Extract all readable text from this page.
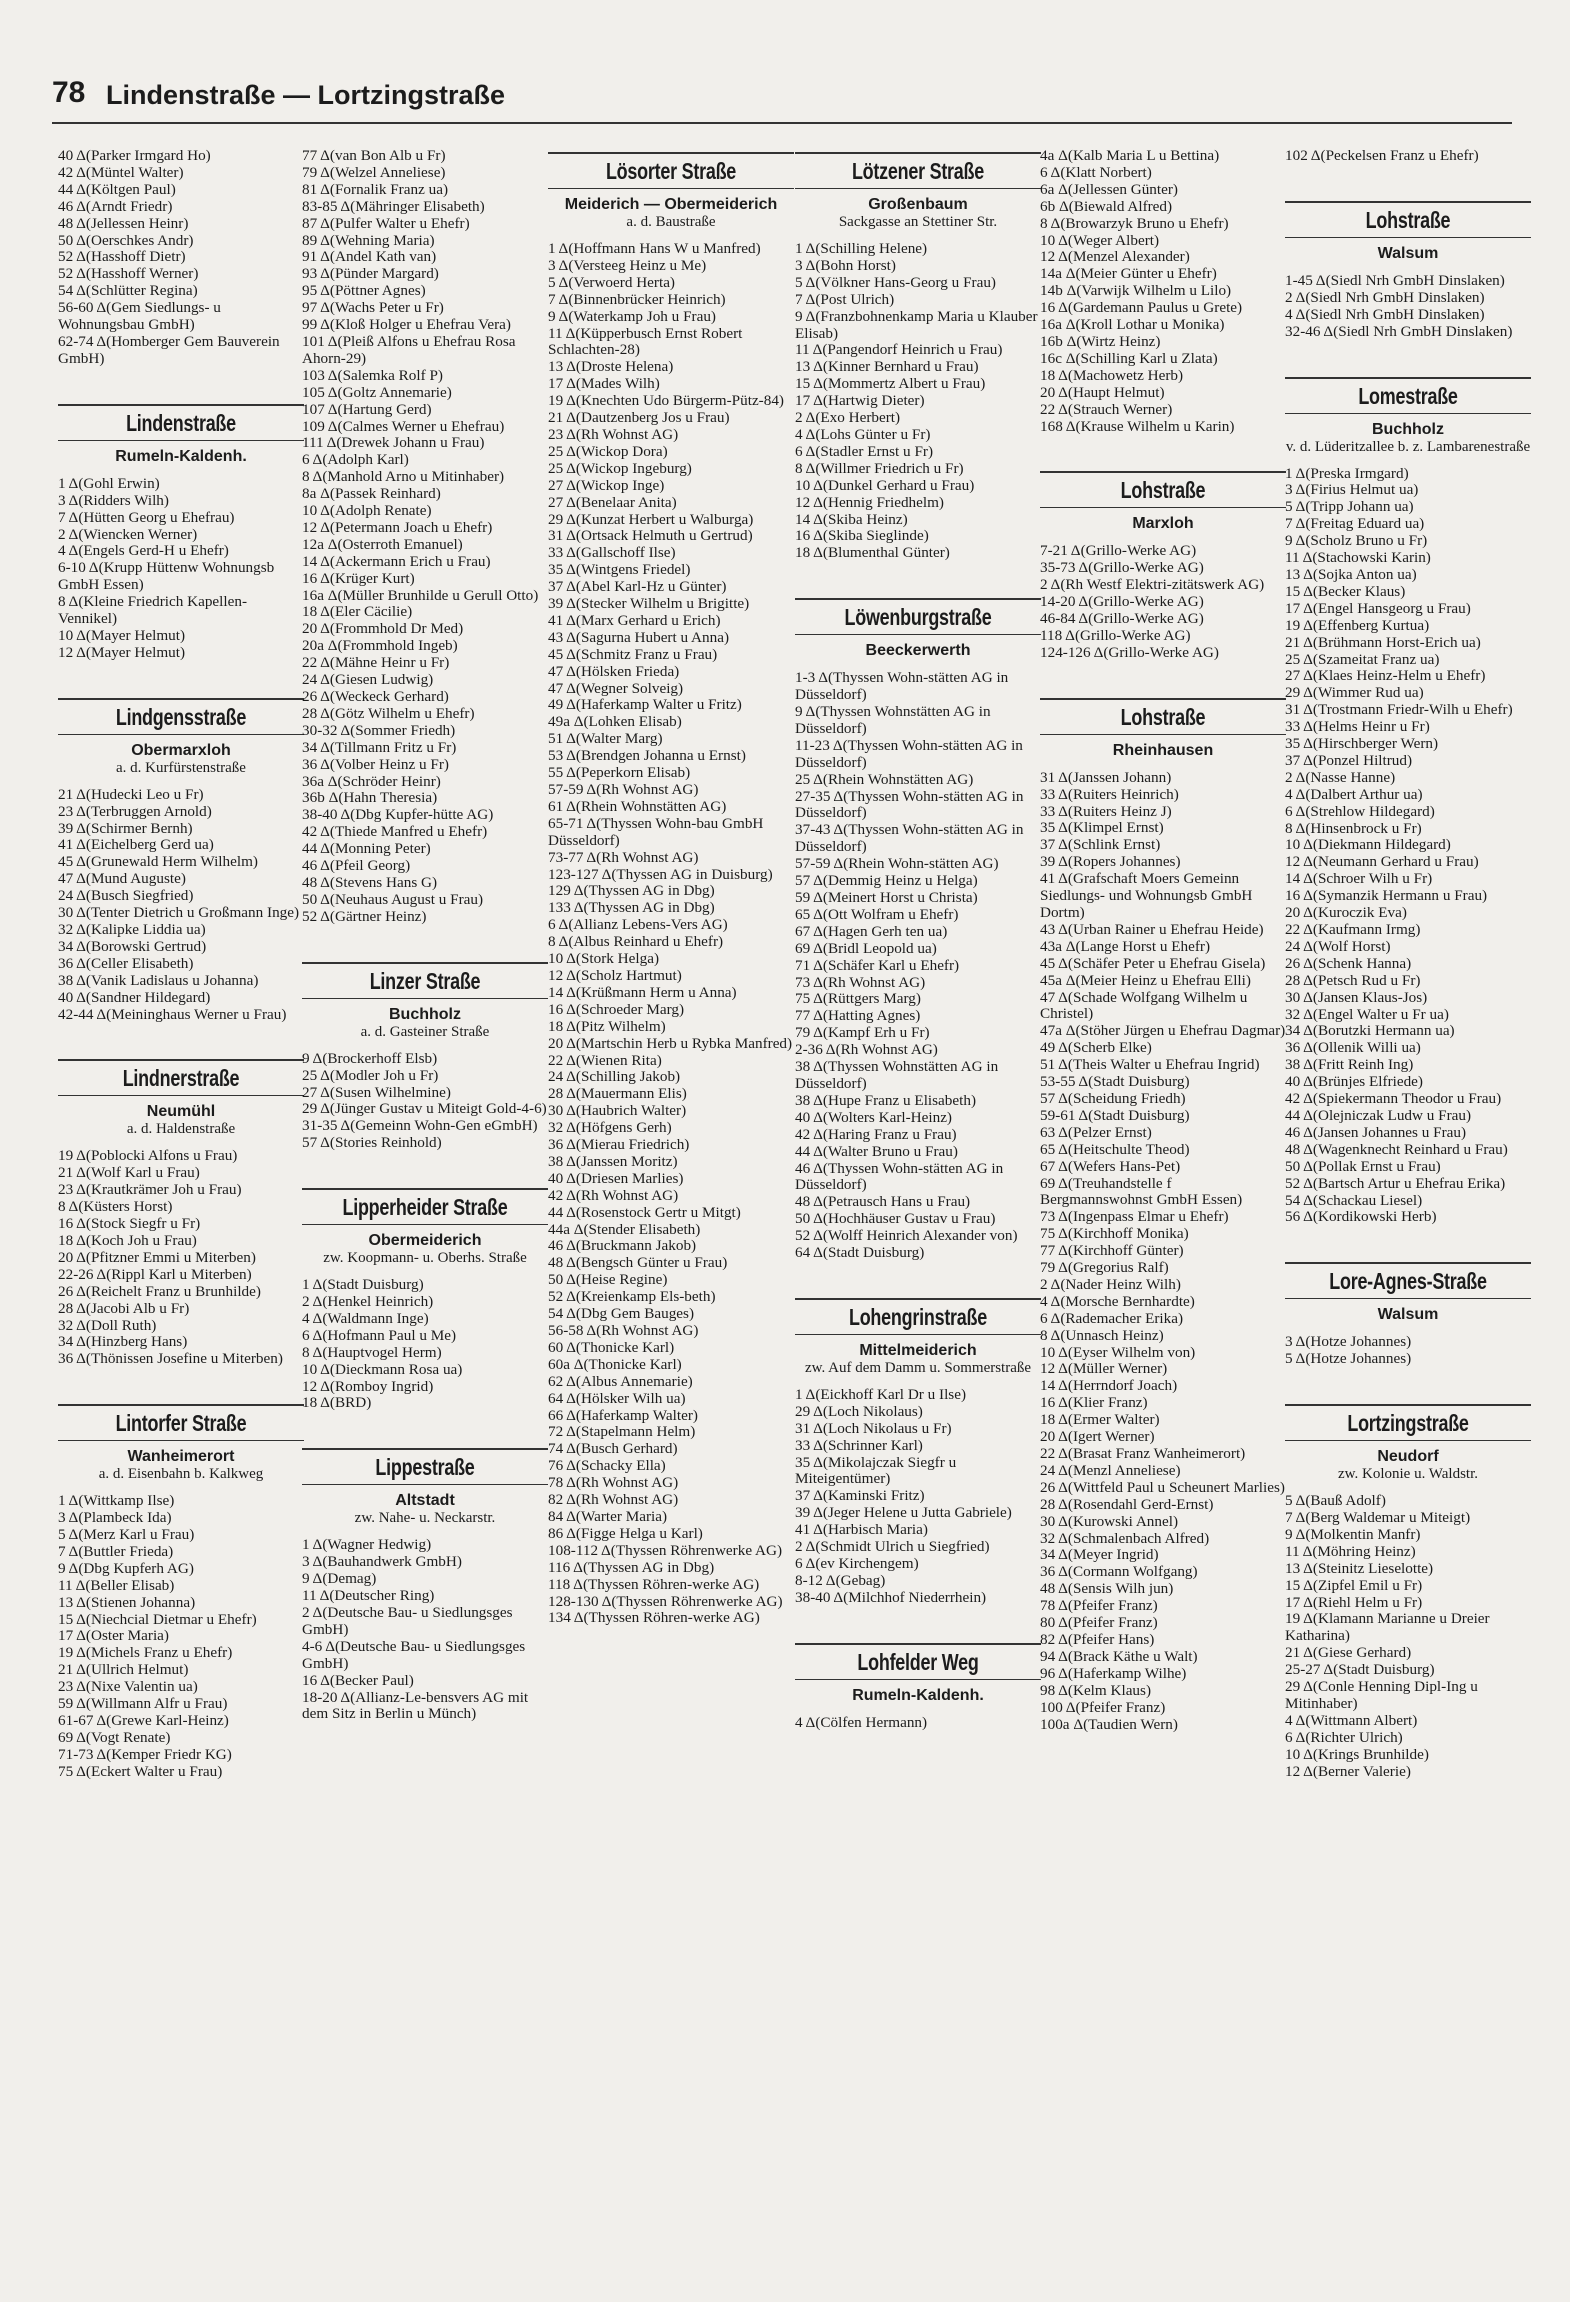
78 Lindenstraße — Lortzingstraße
40 Δ(Parker Irmgard Ho)
42 Δ(Müntel Walter)
44 Δ(Költgen Paul)
46 Δ(Arndt Friedr)
48 Δ(Jellessen Heinr)
50 Δ(Oerschkes Andr)
52 Δ(Hasshoff Dietr)
52 Δ(Hasshoff Werner)
54 Δ(Schlütter Regina)
56-60 Δ(Gem Siedlungs- u Wohnungsbau GmbH)
62-74 Δ(Homberger Gem Bauverein GmbH)
Lindenstraße
Rumeln-Kaldenh.
1 Δ(Gohl Erwin)
3 Δ(Ridders Wilh)
7 Δ(Hütten Georg u Ehefrau)
2 Δ(Wiencken Werner)
4 Δ(Engels Gerd-H u Ehefr)
6-10 Δ(Krupp Hüttenw Wohnungsb GmbH Essen)
8 Δ(Kleine Friedrich Kapellen-Vennikel)
10 Δ(Mayer Helmut)
12 Δ(Mayer Helmut)
Lindgensstraße
Obermarxloh
a. d. Kurfürstenstraße
21 Δ(Hudecki Leo u Fr)
23 Δ(Terbruggen Arnold)
39 Δ(Schirmer Bernh)
41 Δ(Eichelberg Gerd ua)
45 Δ(Grunewald Herm Wilhelm)
47 Δ(Mund Auguste)
24 Δ(Busch Siegfried)
30 Δ(Tenter Dietrich u Großmann Inge)
32 Δ(Kalipke Liddia ua)
34 Δ(Borowski Gertrud)
36 Δ(Celler Elisabeth)
38 Δ(Vanik Ladislaus u Johanna)
40 Δ(Sandner Hildegard)
42-44 Δ(Meininghaus Werner u Frau)
Lindnerstraße
Neumühl
a. d. Haldenstraße
19 Δ(Poblocki Alfons u Frau)
21 Δ(Wolf Karl u Frau)
23 Δ(Krautkrämer Joh u Frau)
8 Δ(Küsters Horst)
16 Δ(Stock Siegfr u Fr)
18 Δ(Koch Joh u Frau)
20 Δ(Pfitzner Emmi u Miterben)
22-26 Δ(Rippl Karl u Miterben)
26 Δ(Reichelt Franz u Brunhilde)
28 Δ(Jacobi Alb u Fr)
32 Δ(Doll Ruth)
34 Δ(Hinzberg Hans)
36 Δ(Thönissen Josefine u Miterben)
Lintorfer Straße
Wanheimerort
a. d. Eisenbahn b. Kalkweg
1 Δ(Wittkamp Ilse)
3 Δ(Plambeck Ida)
5 Δ(Merz Karl u Frau)
7 Δ(Buttler Frieda)
9 Δ(Dbg Kupferh AG)
11 Δ(Beller Elisab)
13 Δ(Stienen Johanna)
15 Δ(Niechcial Dietmar u Ehefr)
17 Δ(Oster Maria)
19 Δ(Michels Franz u Ehefr)
21 Δ(Ullrich Helmut)
23 Δ(Nixe Valentin ua)
59 Δ(Willmann Alfr u Frau)
61-67 Δ(Grewe Karl-Heinz)
69 Δ(Vogt Renate)
71-73 Δ(Kemper Friedr KG)
75 Δ(Eckert Walter u Frau)
77 Δ(van Bon Alb u Fr)
79 Δ(Welzel Anneliese)
81 Δ(Fornalik Franz ua)
83-85 Δ(Mähringer Elisabeth)
87 Δ(Pulfer Walter u Ehefr)
89 Δ(Wehning Maria)
91 Δ(Andel Kath van)
93 Δ(Pünder Margard)
95 Δ(Pöttner Agnes)
97 Δ(Wachs Peter u Fr)
99 Δ(Kloß Holger u Ehefrau Vera)
101 Δ(Pleiß Alfons u Ehefrau Rosa Ahorn-29)
103 Δ(Salemka Rolf P)
105 Δ(Goltz Annemarie)
107 Δ(Hartung Gerd)
109 Δ(Calmes Werner u Ehefrau)
111 Δ(Drewek Johann u Frau)
6 Δ(Adolph Karl)
8 Δ(Manhold Arno u Mitinhaber)
8a Δ(Passek Reinhard)
10 Δ(Adolph Renate)
12 Δ(Petermann Joach u Ehefr)
12a Δ(Osterroth Emanuel)
14 Δ(Ackermann Erich u Frau)
16 Δ(Krüger Kurt)
16a Δ(Müller Brunhilde u Gerull Otto)
18 Δ(Eler Cäcilie)
20 Δ(Frommhold Dr Med)
20a Δ(Frommhold Ingeb)
22 Δ(Mähne Heinr u Fr)
24 Δ(Giesen Ludwig)
26 Δ(Weckeck Gerhard)
28 Δ(Götz Wilhelm u Ehefr)
30-32 Δ(Sommer Friedh)
34 Δ(Tillmann Fritz u Fr)
36 Δ(Volber Heinz u Fr)
36a Δ(Schröder Heinr)
36b Δ(Hahn Theresia)
38-40 Δ(Dbg Kupfer-hütte AG)
42 Δ(Thiede Manfred u Ehefr)
44 Δ(Monning Peter)
46 Δ(Pfeil Georg)
48 Δ(Stevens Hans G)
50 Δ(Neuhaus August u Frau)
52 Δ(Gärtner Heinz)
Linzer Straße
Buchholz
a. d. Gasteiner Straße
9 Δ(Brockerhoff Elsb)
25 Δ(Modler Joh u Fr)
27 Δ(Susen Wilhelmine)
29 Δ(Jünger Gustav u Miteigt Gold-4-6)
31-35 Δ(Gemeinn Wohn-Gen eGmbH)
57 Δ(Stories Reinhold)
Lipperheider Straße
Obermeiderich
zw. Koopmann- u. Oberhs. Straße
1 Δ(Stadt Duisburg)
2 Δ(Henkel Heinrich)
4 Δ(Waldmann Inge)
6 Δ(Hofmann Paul u Me)
8 Δ(Hauptvogel Herm)
10 Δ(Dieckmann Rosa ua)
12 Δ(Romboy Ingrid)
18 Δ(BRD)
Lippestraße
Altstadt
zw. Nahe- u. Neckarstr.
1 Δ(Wagner Hedwig)
3 Δ(Bauhandwerk GmbH)
9 Δ(Demag)
11 Δ(Deutscher Ring)
2 Δ(Deutsche Bau- u Siedlungsges GmbH)
4-6 Δ(Deutsche Bau- u Siedlungsges GmbH)
16 Δ(Becker Paul)
18-20 Δ(Allianz-Le-bensvers AG mit dem Sitz in Berlin u Münch)
Lösorter Straße
Meiderich — Obermeiderich
a. d. Baustraße
1 Δ(Hoffmann Hans W u Manfred)
3 Δ(Versteeg Heinz u Me)
5 Δ(Verwoerd Herta)
7 Δ(Binnenbrücker Heinrich)
9 Δ(Waterkamp Joh u Frau)
11 Δ(Küpperbusch Ernst Robert Schlachten-28)
13 Δ(Droste Helena)
17 Δ(Mades Wilh)
19 Δ(Knechten Udo Bürgerm-Pütz-84)
21 Δ(Dautzenberg Jos u Frau)
23 Δ(Rh Wohnst AG)
25 Δ(Wickop Dora)
25 Δ(Wickop Ingeburg)
27 Δ(Wickop Inge)
27 Δ(Benelaar Anita)
29 Δ(Kunzat Herbert u Walburga)
31 Δ(Ortsack Helmuth u Gertrud)
33 Δ(Gallschoff Ilse)
35 Δ(Wintgens Friedel)
37 Δ(Abel Karl-Hz u Günter)
39 Δ(Stecker Wilhelm u Brigitte)
41 Δ(Marx Gerhard u Erich)
43 Δ(Sagurna Hubert u Anna)
45 Δ(Schmitz Franz u Frau)
47 Δ(Hölsken Frieda)
47 Δ(Wegner Solveig)
49 Δ(Haferkamp Walter u Fritz)
49a Δ(Lohken Elisab)
51 Δ(Walter Marg)
53 Δ(Brendgen Johanna u Ernst)
55 Δ(Peperkorn Elisab)
57-59 Δ(Rh Wohnst AG)
61 Δ(Rhein Wohnstätten AG)
65-71 Δ(Thyssen Wohn-bau GmbH Düsseldorf)
73-77 Δ(Rh Wohnst AG)
123-127 Δ(Thyssen AG in Duisburg)
129 Δ(Thyssen AG in Dbg)
133 Δ(Thyssen AG in Dbg)
6 Δ(Allianz Lebens-Vers AG)
8 Δ(Albus Reinhard u Ehefr)
10 Δ(Stork Helga)
12 Δ(Scholz Hartmut)
14 Δ(Krüßmann Herm u Anna)
16 Δ(Schroeder Marg)
18 Δ(Pitz Wilhelm)
20 Δ(Martschin Herb u Rybka Manfred)
22 Δ(Wienen Rita)
24 Δ(Schilling Jakob)
28 Δ(Mauermann Elis)
30 Δ(Haubrich Walter)
32 Δ(Höfgens Gerh)
36 Δ(Mierau Friedrich)
38 Δ(Janssen Moritz)
40 Δ(Driesen Marlies)
42 Δ(Rh Wohnst AG)
44 Δ(Rosenstock Gertr u Mitgt)
44a Δ(Stender Elisabeth)
46 Δ(Bruckmann Jakob)
48 Δ(Bengsch Günter u Frau)
50 Δ(Heise Regine)
52 Δ(Kreienkamp Els-beth)
54 Δ(Dbg Gem Bauges)
56-58 Δ(Rh Wohnst AG)
60 Δ(Thonicke Karl)
60a Δ(Thonicke Karl)
62 Δ(Albus Annemarie)
64 Δ(Hölsker Wilh ua)
66 Δ(Haferkamp Walter)
72 Δ(Stapelmann Helm)
74 Δ(Busch Gerhard)
76 Δ(Schacky Ella)
78 Δ(Rh Wohnst AG)
82 Δ(Rh Wohnst AG)
84 Δ(Warter Maria)
86 Δ(Figge Helga u Karl)
108-112 Δ(Thyssen Röhrenwerke AG)
116 Δ(Thyssen AG in Dbg)
118 Δ(Thyssen Röhren-werke AG)
128-130 Δ(Thyssen Röhrenwerke AG)
134 Δ(Thyssen Röhren-werke AG)
Lötzener Straße
Großenbaum
Sackgasse an Stettiner Str.
1 Δ(Schilling Helene)
3 Δ(Bohn Horst)
5 Δ(Völkner Hans-Georg u Frau)
7 Δ(Post Ulrich)
9 Δ(Franzbohnenkamp Maria u Klauber Elisab)
11 Δ(Pangendorf Heinrich u Frau)
13 Δ(Kinner Bernhard u Frau)
15 Δ(Mommertz Albert u Frau)
17 Δ(Hartwig Dieter)
2 Δ(Exo Herbert)
4 Δ(Lohs Günter u Fr)
6 Δ(Stadler Ernst u Fr)
8 Δ(Willmer Friedrich u Fr)
10 Δ(Dunkel Gerhard u Frau)
12 Δ(Hennig Friedhelm)
14 Δ(Skiba Heinz)
16 Δ(Skiba Sieglinde)
18 Δ(Blumenthal Günter)
Löwenburgstraße
Beeckerwerth
1-3 Δ(Thyssen Wohn-stätten AG in Düsseldorf)
9 Δ(Thyssen Wohnstätten AG in Düsseldorf)
11-23 Δ(Thyssen Wohn-stätten AG in Düsseldorf)
25 Δ(Rhein Wohnstätten AG)
27-35 Δ(Thyssen Wohn-stätten AG in Düsseldorf)
37-43 Δ(Thyssen Wohn-stätten AG in Düsseldorf)
57-59 Δ(Rhein Wohn-stätten AG)
57 Δ(Demmig Heinz u Helga)
59 Δ(Meinert Horst u Christa)
65 Δ(Ott Wolfram u Ehefr)
67 Δ(Hagen Gerh ten ua)
69 Δ(Bridl Leopold ua)
71 Δ(Schäfer Karl u Ehefr)
73 Δ(Rh Wohnst AG)
75 Δ(Rüttgers Marg)
77 Δ(Hatting Agnes)
79 Δ(Kampf Erh u Fr)
2-36 Δ(Rh Wohnst AG)
38 Δ(Thyssen Wohnstätten AG in Düsseldorf)
38 Δ(Hupe Franz u Elisabeth)
40 Δ(Wolters Karl-Heinz)
42 Δ(Haring Franz u Frau)
44 Δ(Walter Bruno u Frau)
46 Δ(Thyssen Wohn-stätten AG in Düsseldorf)
48 Δ(Petrausch Hans u Frau)
50 Δ(Hochhäuser Gustav u Frau)
52 Δ(Wolff Heinrich Alexander von)
64 Δ(Stadt Duisburg)
Lohengrinstraße
Mittelmeiderich
zw. Auf dem Damm u. Sommerstraße
1 Δ(Eickhoff Karl Dr u Ilse)
29 Δ(Loch Nikolaus)
31 Δ(Loch Nikolaus u Fr)
33 Δ(Schrinner Karl)
35 Δ(Mikolajczak Siegfr u Miteigentümer)
37 Δ(Kaminski Fritz)
39 Δ(Jeger Helene u Jutta Gabriele)
41 Δ(Harbisch Maria)
2 Δ(Schmidt Ulrich u Siegfried)
6 Δ(ev Kirchengem)
8-12 Δ(Gebag)
38-40 Δ(Milchhof Niederrhein)
Lohfelder Weg
Rumeln-Kaldenh.
4 Δ(Cölfen Hermann)
4a Δ(Kalb Maria L u Bettina)
6 Δ(Klatt Norbert)
6a Δ(Jellessen Günter)
6b Δ(Biewald Alfred)
8 Δ(Browarzyk Bruno u Ehefr)
10 Δ(Weger Albert)
12 Δ(Menzel Alexander)
14a Δ(Meier Günter u Ehefr)
14b Δ(Varwijk Wilhelm u Lilo)
16 Δ(Gardemann Paulus u Grete)
16a Δ(Kroll Lothar u Monika)
16b Δ(Wirtz Heinz)
16c Δ(Schilling Karl u Zlata)
18 Δ(Machowetz Herb)
20 Δ(Haupt Helmut)
22 Δ(Strauch Werner)
168 Δ(Krause Wilhelm u Karin)
Lohstraße
Marxloh
7-21 Δ(Grillo-Werke AG)
35-73 Δ(Grillo-Werke AG)
2 Δ(Rh Westf Elektri-zitätswerk AG)
14-20 Δ(Grillo-Werke AG)
46-84 Δ(Grillo-Werke AG)
118 Δ(Grillo-Werke AG)
124-126 Δ(Grillo-Werke AG)
Lohstraße
Rheinhausen
31 Δ(Janssen Johann)
33 Δ(Ruiters Heinrich)
33 Δ(Ruiters Heinz J)
35 Δ(Klimpel Ernst)
37 Δ(Schlink Ernst)
39 Δ(Ropers Johannes)
41 Δ(Grafschaft Moers Gemeinn Siedlungs- und Wohnungsb GmbH Dortm)
43 Δ(Urban Rainer u Ehefrau Heide)
43a Δ(Lange Horst u Ehefr)
45 Δ(Schäfer Peter u Ehefrau Gisela)
45a Δ(Meier Heinz u Ehefrau Elli)
47 Δ(Schade Wolfgang Wilhelm u Christel)
47a Δ(Stöher Jürgen u Ehefrau Dagmar)
49 Δ(Scherb Elke)
51 Δ(Theis Walter u Ehefrau Ingrid)
53-55 Δ(Stadt Duisburg)
57 Δ(Scheidung Friedh)
59-61 Δ(Stadt Duisburg)
63 Δ(Pelzer Ernst)
65 Δ(Heitschulte Theod)
67 Δ(Wefers Hans-Pet)
69 Δ(Treuhandstelle f Bergmannswohnst GmbH Essen)
73 Δ(Ingenpass Elmar u Ehefr)
75 Δ(Kirchhoff Monika)
77 Δ(Kirchhoff Günter)
79 Δ(Gregorius Ralf)
2 Δ(Nader Heinz Wilh)
4 Δ(Morsche Bernhardte)
6 Δ(Rademacher Erika)
8 Δ(Unnasch Heinz)
10 Δ(Eyser Wilhelm von)
12 Δ(Müller Werner)
14 Δ(Herrndorf Joach)
16 Δ(Klier Franz)
18 Δ(Ermer Walter)
20 Δ(Igert Werner)
22 Δ(Brasat Franz Wanheimerort)
24 Δ(Menzl Anneliese)
26 Δ(Wittfeld Paul u Scheunert Marlies)
28 Δ(Rosendahl Gerd-Ernst)
30 Δ(Kurowski Annel)
32 Δ(Schmalenbach Alfred)
34 Δ(Meyer Ingrid)
36 Δ(Cormann Wolfgang)
48 Δ(Sensis Wilh jun)
78 Δ(Pfeifer Franz)
80 Δ(Pfeifer Franz)
82 Δ(Pfeifer Hans)
94 Δ(Brack Käthe u Walt)
96 Δ(Haferkamp Wilhe)
98 Δ(Kelm Klaus)
100 Δ(Pfeifer Franz)
100a Δ(Taudien Wern)
102 Δ(Peckelsen Franz u Ehefr)
Lohstraße
Walsum
1-45 Δ(Siedl Nrh GmbH Dinslaken)
2 Δ(Siedl Nrh GmbH Dinslaken)
4 Δ(Siedl Nrh GmbH Dinslaken)
32-46 Δ(Siedl Nrh GmbH Dinslaken)
Lomestraße
Buchholz
v. d. Lüderitzallee b. z. Lambarenestraße
1 Δ(Preska Irmgard)
3 Δ(Firius Helmut ua)
5 Δ(Tripp Johann ua)
7 Δ(Freitag Eduard ua)
9 Δ(Scholz Bruno u Fr)
11 Δ(Stachowski Karin)
13 Δ(Sojka Anton ua)
15 Δ(Becker Klaus)
17 Δ(Engel Hansgeorg u Frau)
19 Δ(Effenberg Kurtua)
21 Δ(Brühmann Horst-Erich ua)
25 Δ(Szameitat Franz ua)
27 Δ(Klaes Heinz-Helm u Ehefr)
29 Δ(Wimmer Rud ua)
31 Δ(Trostmann Friedr-Wilh u Ehefr)
33 Δ(Helms Heinr u Fr)
35 Δ(Hirschberger Wern)
37 Δ(Ponzel Hiltrud)
2 Δ(Nasse Hanne)
4 Δ(Dalbert Arthur ua)
6 Δ(Strehlow Hildegard)
8 Δ(Hinsenbrock u Fr)
10 Δ(Diekmann Hildegard)
12 Δ(Neumann Gerhard u Frau)
14 Δ(Schroer Wilh u Fr)
16 Δ(Symanzik Hermann u Frau)
20 Δ(Kuroczik Eva)
22 Δ(Kaufmann Irmg)
24 Δ(Wolf Horst)
26 Δ(Schenk Hanna)
28 Δ(Petsch Rud u Fr)
30 Δ(Jansen Klaus-Jos)
32 Δ(Engel Walter u Fr ua)
34 Δ(Borutzki Hermann ua)
36 Δ(Ollenik Willi ua)
38 Δ(Fritt Reinh Ing)
40 Δ(Brünjes Elfriede)
42 Δ(Spiekermann Theodor u Frau)
44 Δ(Olejniczak Ludw u Frau)
46 Δ(Jansen Johannes u Frau)
48 Δ(Wagenknecht Reinhard u Frau)
50 Δ(Pollak Ernst u Frau)
52 Δ(Bartsch Artur u Ehefrau Erika)
54 Δ(Schackau Liesel)
56 Δ(Kordikowski Herb)
Lore-Agnes-Straße
Walsum
3 Δ(Hotze Johannes)
5 Δ(Hotze Johannes)
Lortzingstraße
Neudorf
zw. Kolonie u. Waldstr.
5 Δ(Bauß Adolf)
7 Δ(Berg Waldemar u Miteigt)
9 Δ(Molkentin Manfr)
11 Δ(Möhring Heinz)
13 Δ(Steinitz Lieselotte)
15 Δ(Zipfel Emil u Fr)
17 Δ(Riehl Helm u Fr)
19 Δ(Klamann Marianne u Dreier Katharina)
21 Δ(Giese Gerhard)
25-27 Δ(Stadt Duisburg)
29 Δ(Conle Henning Dipl-Ing u Mitinhaber)
4 Δ(Wittmann Albert)
6 Δ(Richter Ulrich)
10 Δ(Krings Brunhilde)
12 Δ(Berner Valerie)
